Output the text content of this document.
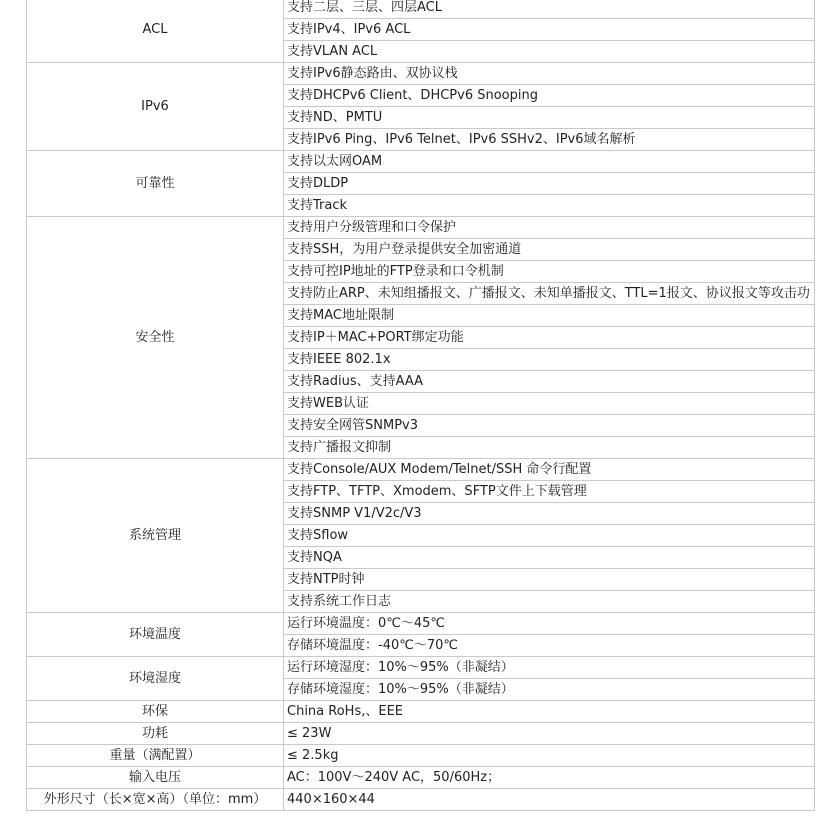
ACL	支持二层、三层、四层ACL
	支持IPv4、IPv6 ACL
	支持VLAN ACL
IPv6	支持IPv6静态路由、双协议栈
	支持DHCPv6 Client、DHCPv6 Snooping
	支持ND、PMTU
	支持IPv6 Ping、IPv6 Telnet、IPv6 SSHv2、IPv6域名解析
可靠性	支持以太网OAM
	支持DLDP
	支持Track
安全性	支持用户分级管理和口令保护
	支持SSH，为用户登录提供安全加密通道
	支持可控IP地址的FTP登录和口令机制
	支持防止ARP、未知组播报文、广播报文、未知单播报文、TTL=1报文、协议报文等攻击功
	支持MAC地址限制
	支持IP＋MAC+PORT绑定功能
	支持IEEE 802.1x
	支持Radius、支持AAA
	支持WEB认证
	支持安全网管SNMPv3
	支持广播报文抑制
系统管理	支持Console/AUX Modem/Telnet/SSH 命令行配置
	支持FTP、TFTP、Xmodem、SFTP文件上下载管理
	支持SNMP V1/V2c/V3
	支持Sflow
	支持NQA
	支持NTP时钟
	支持系统工作日志
环境温度	运行环境温度：0℃～45℃
	存储环境温度：-40℃～70℃
环境湿度	运行环境湿度：10%～95%（非凝结）
	存储环境湿度：10%～95%（非凝结）
环保	China RoHs,、EEE
功耗	≤ 23W
重量（满配置）	≤ 2.5kg
输入电压	AC：100V～240V AC，50/60Hz；
外形尺寸（长×宽×高）（单位：mm）	440×160×44
